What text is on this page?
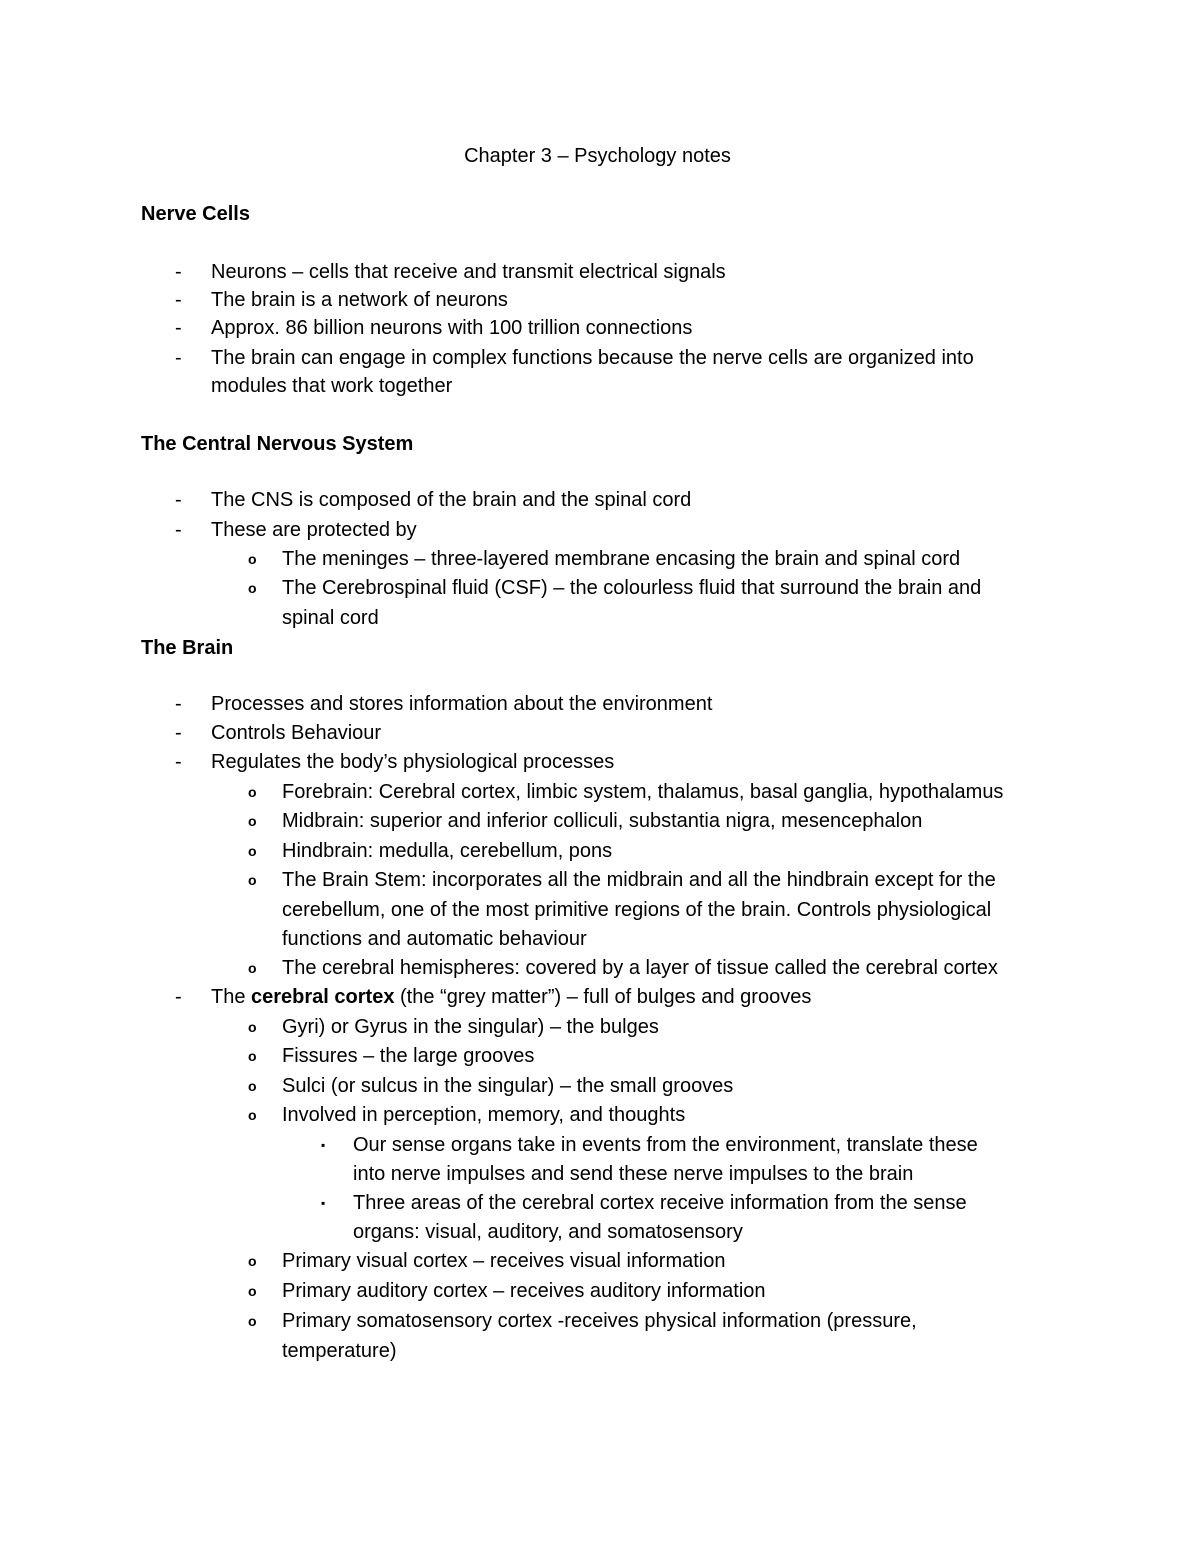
Chapter 3 – Psychology notes

Nerve Cells

- Neurons – cells that receive and transmit electrical signals

- The brain is a network of neurons

- Approx. 86 billion neurons with 100 trillion connections

- The brain can engage in complex functions because the nerve cells are organized into

modules that work together

The Central Nervous System

- The CNS is composed of the brain and the spinal cord

- These are protected by

o The meninges – three-layered membrane encasing the brain and spinal cord

o The Cerebrospinal fluid (CSF) – the colourless fluid that surround the brain and

spinal cord

The Brain

- Processes and stores information about the environment

- Controls Behaviour

- Regulates the body’s physiological processes

o Forebrain: Cerebral cortex, limbic system, thalamus, basal ganglia, hypothalamus

o Midbrain: superior and inferior colliculi, substantia nigra, mesencephalon

o Hindbrain: medulla, cerebellum, pons

o The Brain Stem: incorporates all the midbrain and all the hindbrain except for the

cerebellum, one of the most primitive regions of the brain. Controls physiological

functions and automatic behaviour

o The cerebral hemispheres: covered by a layer of tissue called the cerebral cortex

- The cerebral cortex (the “grey matter”) – full of bulges and grooves

o Gyri) or Gyrus in the singular) – the bulges

o Fissures – the large grooves

o Sulci (or sulcus in the singular) – the small grooves

o Involved in perception, memory, and thoughts

▪ Our sense organs take in events from the environment, translate these

into nerve impulses and send these nerve impulses to the brain

▪ Three areas of the cerebral cortex receive information from the sense

organs: visual, auditory, and somatosensory

o Primary visual cortex – receives visual information

o Primary auditory cortex – receives auditory information

o Primary somatosensory cortex -receives physical information (pressure,

temperature)
